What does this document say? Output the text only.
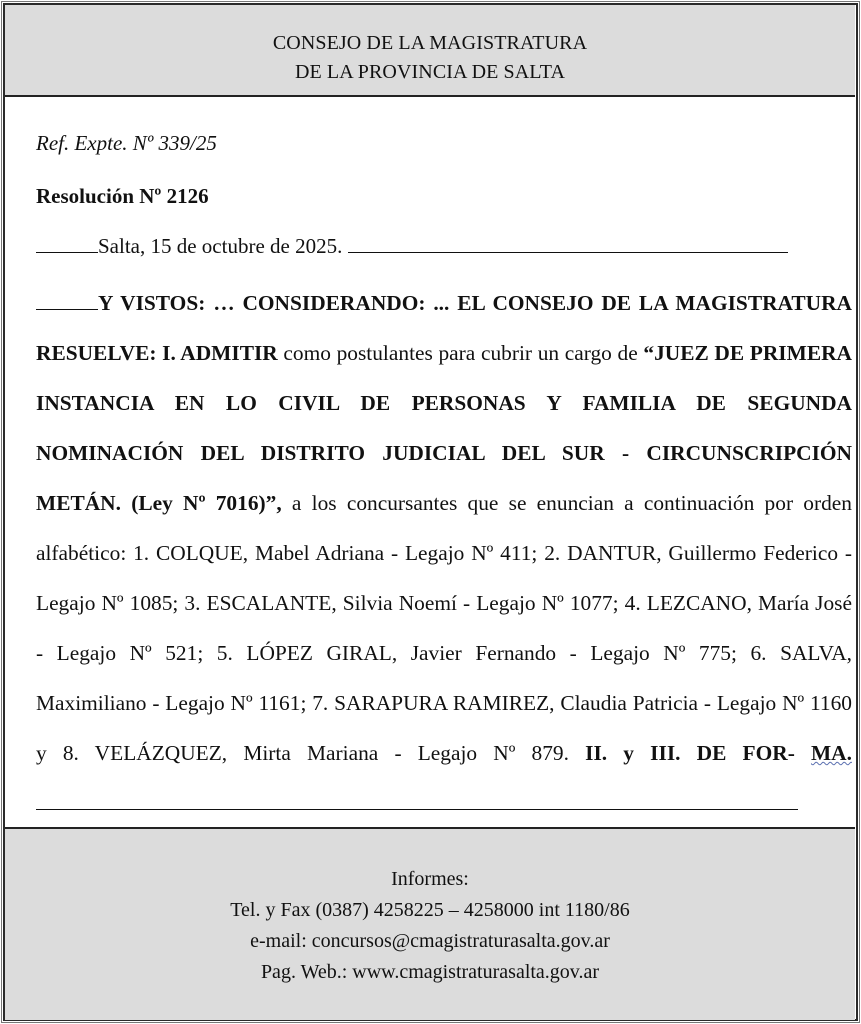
CONSEJO DE LA MAGISTRATURA
DE LA PROVINCIA DE SALTA
Ref. Expte. Nº 339/25
Resolución Nº 2126
Salta, 15 de octubre de 2025.
Y VISTOS: … CONSIDERANDO: ... EL CONSEJO DE LA MAGISTRATURA RESUELVE: I. ADMITIR como postulantes para cubrir un cargo de “JUEZ DE PRIMERA INSTANCIA EN LO CIVIL DE PERSONAS Y FAMILIA DE SEGUNDA NOMINACIÓN DEL DISTRITO JUDICIAL DEL SUR - CIRCUNSCRIPCIÓN METÁN. (Ley Nº 7016)”, a los concursantes que se enuncian a continuación por orden alfabético: 1. COLQUE, Mabel Adriana - Legajo Nº 411; 2. DANTUR, Guillermo Federico - Legajo Nº 1085; 3. ESCALANTE, Silvia Noemí - Legajo Nº 1077; 4. LEZCANO, María José - Legajo Nº 521; 5. LÓPEZ GIRAL, Javier Fernando - Legajo Nº 775; 6. SALVA, Maximiliano - Legajo Nº 1161; 7. SARAPURA RAMIREZ, Claudia Patricia - Legajo Nº 1160 y 8. VELÁZQUEZ, Mirta Mariana - Legajo Nº 879. II. y III. DE FOR- MA.
Informes:
Tel. y Fax (0387) 4258225 – 4258000 int 1180/86
e-mail: concursos@cmagistraturasalta.gov.ar
Pag. Web.: www.cmagistraturasalta.gov.ar
